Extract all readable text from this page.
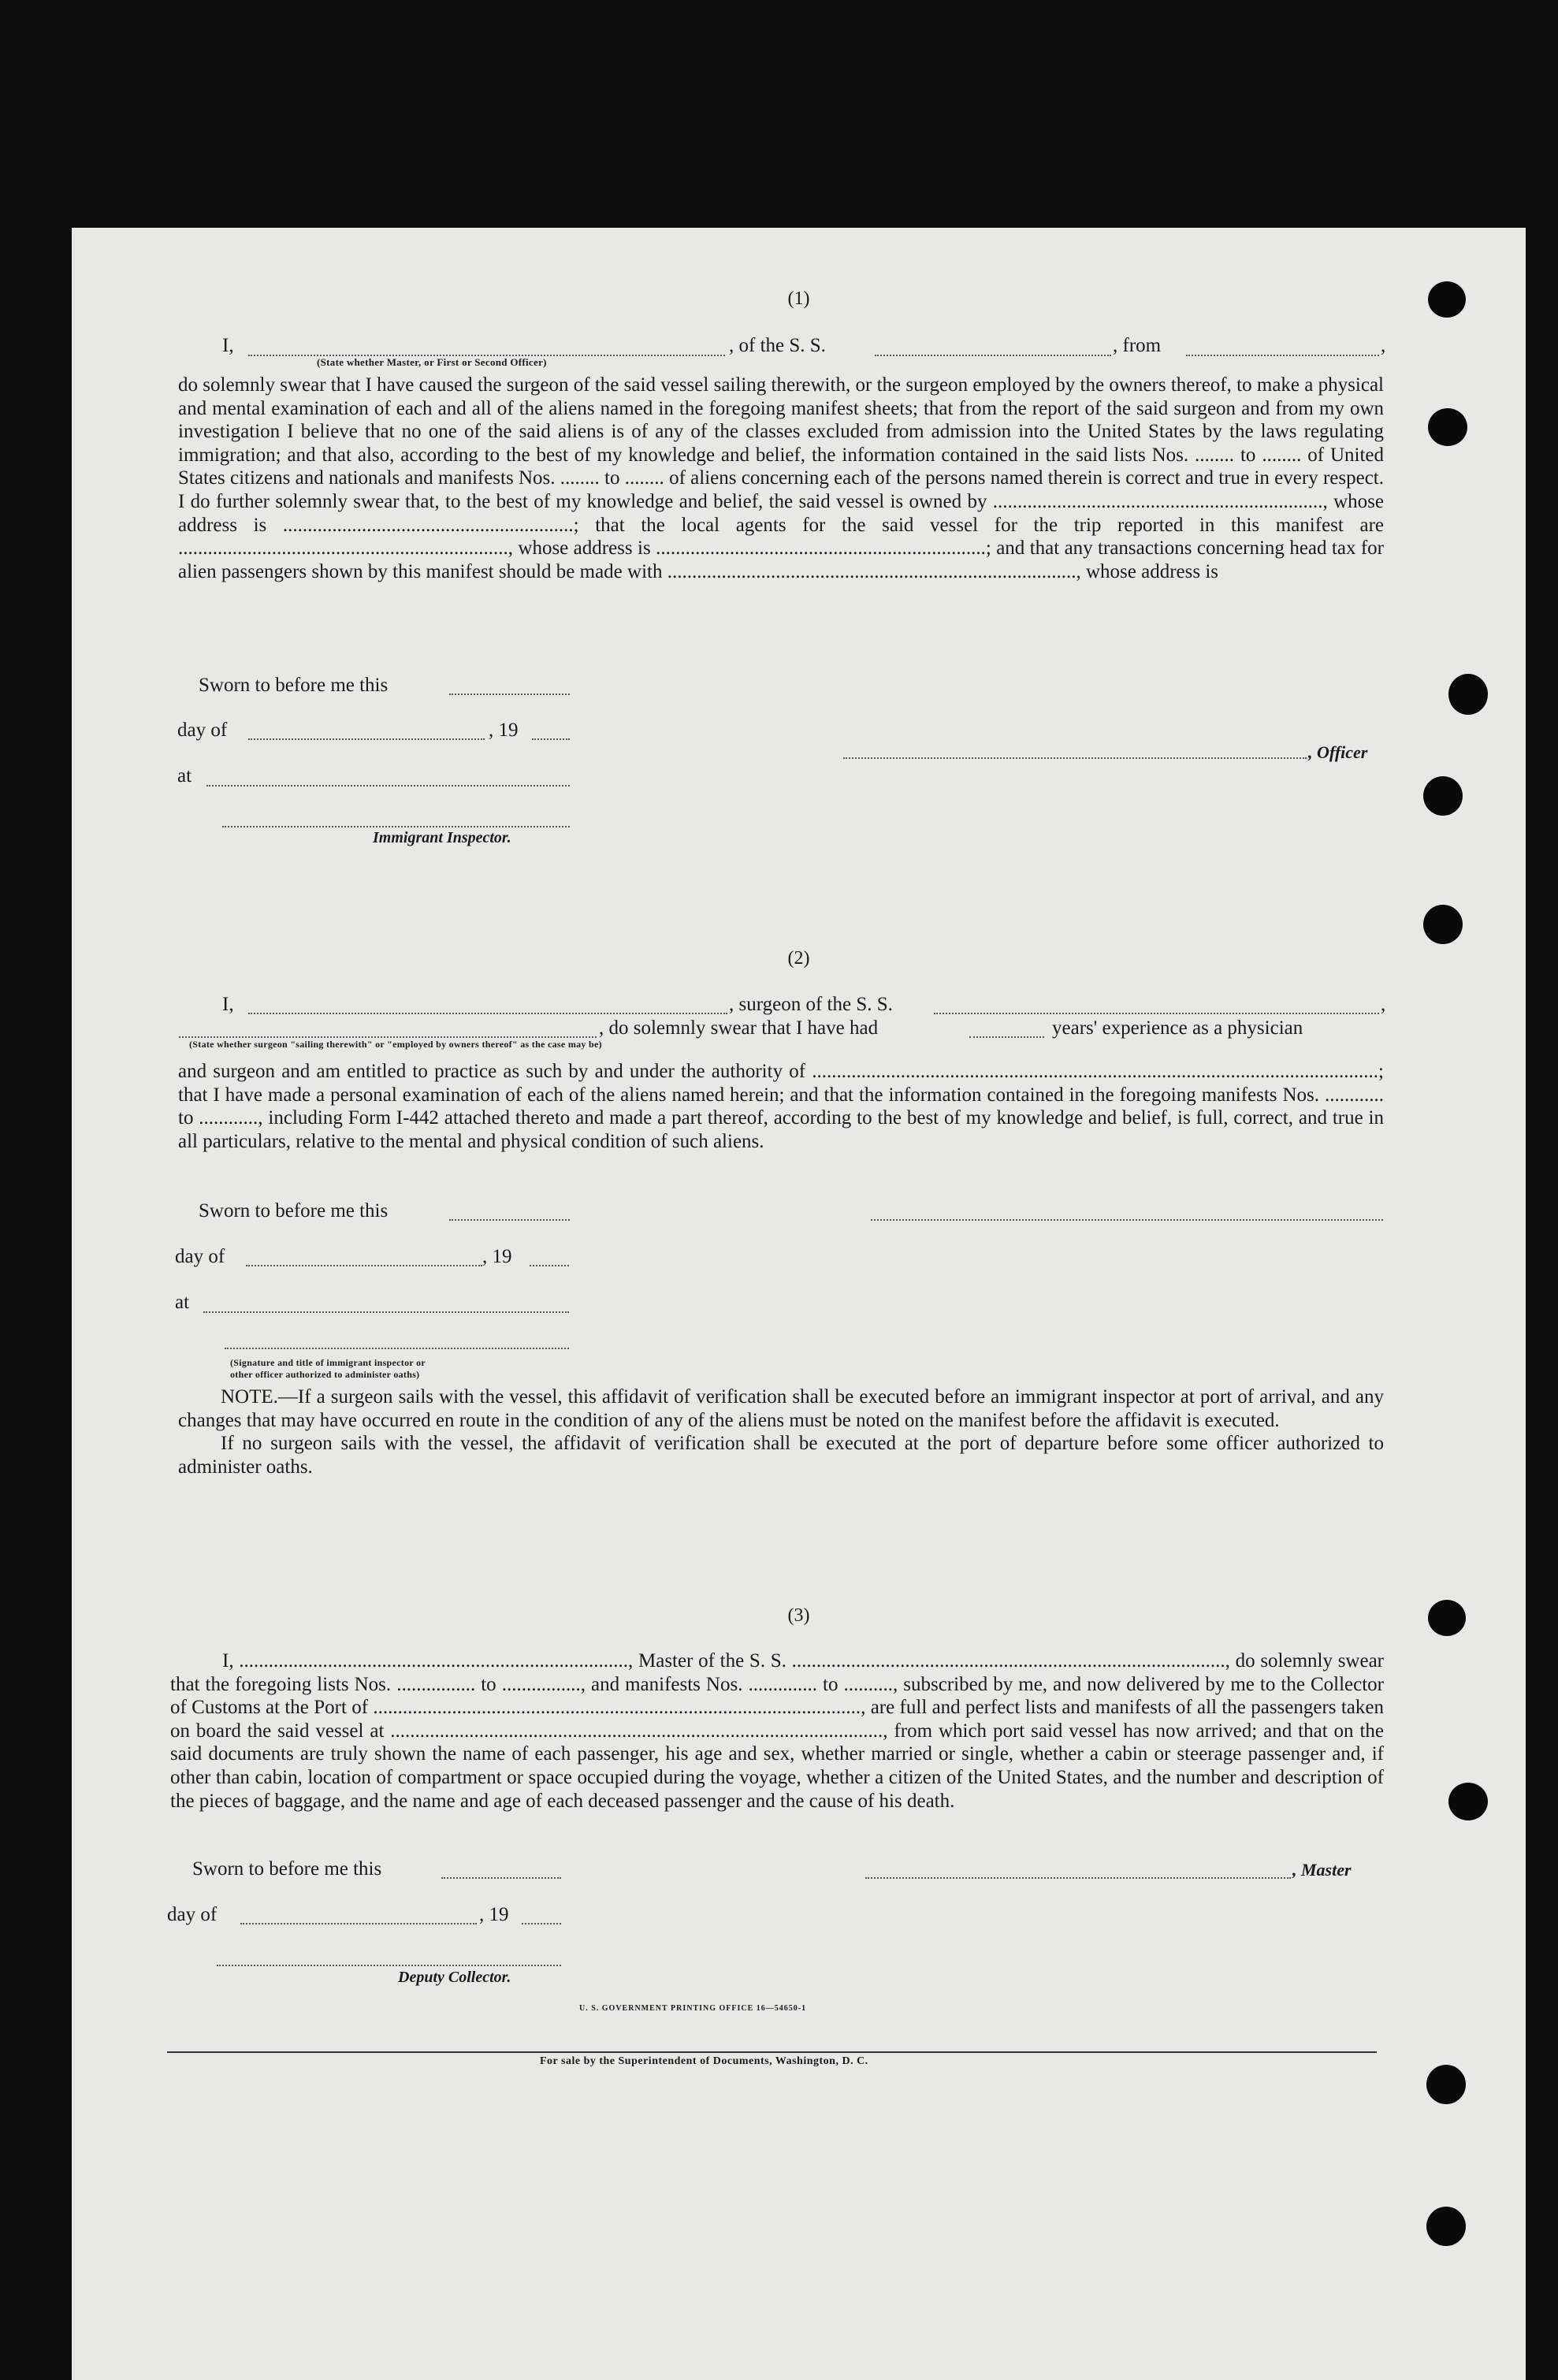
(1)
I,	, of the S. S.	, from	,
(State whether Master, or First or Second Officer)

do solemnly swear that I have caused the surgeon of the said vessel sailing therewith, or the surgeon employed by the owners thereof, to make a physical and mental examination of each and all of the aliens named in the foregoing manifest sheets; that from the report of the said surgeon and from my own investigation I believe that no one of the said aliens is of any of the classes excluded from admission into the United States by the laws regulating immigration; and that also, according to the best of my knowledge and belief, the information contained in the said lists Nos. ........ to ........ of United States citizens and nationals and manifests Nos. ........ to ........ of aliens concerning each of the persons named therein is correct and true in every respect. I do further solemnly swear that, to the best of my knowledge and belief, the said vessel is owned by ..................................................................., whose address is ...........................................................; that the local agents for the said vessel for the trip reported in this manifest are ..................................................................., whose address is ...................................................................; and that any transactions concerning head tax for alien passengers shown by this manifest should be made with ..................................................................................., whose address is

Sworn to before me this
day of	, 19
at
, Officer
Immigrant Inspector.
(2)
I,	, surgeon of the S. S.	,
, do solemnly swear that I have had	years' experience as a physician
(State whether surgeon "sailing therewith" or "employed by owners thereof" as the case may be)

and surgeon and am entitled to practice as such by and under the authority of ...................................................................................................................; that I have made a personal examination of each of the aliens named herein; and that the information contained in the foregoing manifests Nos. ............ to ............, including Form I-442 attached thereto and made a part thereof, according to the best of my knowledge and belief, is full, correct, and true in all particulars, relative to the mental and physical condition of such aliens.

Sworn to before me this
day of	, 19
at
(Signature and title of immigrant inspector or
other officer authorized to administer oaths)

NOTE.—If a surgeon sails with the vessel, this affidavit of verification shall be executed before an immigrant inspector at port of arrival, and any changes that may have occurred en route in the condition of any of the aliens must be noted on the manifest before the affidavit is executed.

If no surgeon sails with the vessel, the affidavit of verification shall be executed at the port of departure before some officer authorized to administer oaths.

(3)

I, ..............................................................................., Master of the S. S. ........................................................................................, do solemnly swear that the foregoing lists Nos. ................ to ................, and manifests Nos. .............. to .........., subscribed by me, and now delivered by me to the Collector of Customs at the Port of ..................................................................................................., are full and perfect lists and manifests of all the passengers taken on board the said vessel at ...................................................................................................., from which port said vessel has now arrived; and that on the said documents are truly shown the name of each passenger, his age and sex, whether married or single, whether a cabin or steerage passenger and, if other than cabin, location of compartment or space occupied during the voyage, whether a citizen of the United States, and the number and description of the pieces of baggage, and the name and age of each deceased passenger and the cause of his death.

Sworn to before me this	, Master
day of	, 19
Deputy Collector.
U. S. GOVERNMENT PRINTING OFFICE 16—54650-1
For sale by the Superintendent of Documents, Washington, D. C.
